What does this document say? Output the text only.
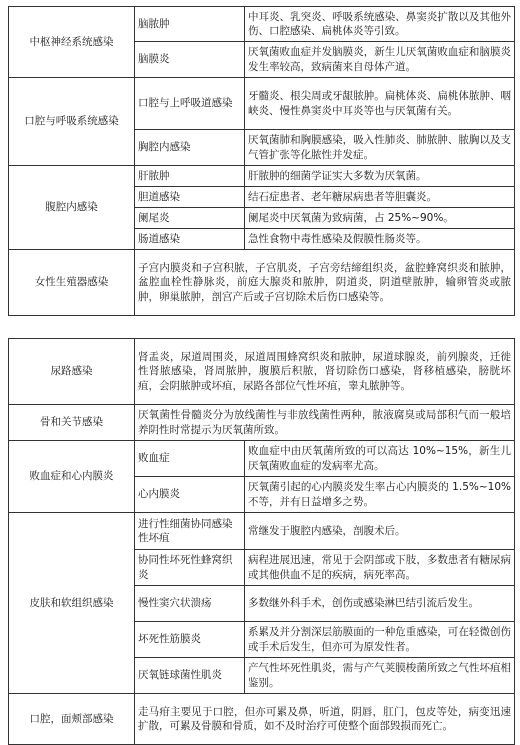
中枢神经系统感染	脑脓肿	中耳炎、乳突炎、呼吸系统感染、鼻窦炎扩散以及其他外伤、口腔感染、扁桃体炎等引致。
	脑膜炎	厌氧菌败血症并发脑膜炎，新生儿厌氧菌败血症和脑膜炎发生率较高，致病菌来自母体产道。
口腔与呼吸系统感染	口腔与上呼吸道感染	牙髓炎、根尖周或牙龈脓肿。扁桃体炎、扁桃体脓肿、咽峡炎、慢性鼻窦炎中耳炎等也与厌氧菌有关。
	胸腔内感染	厌氧菌肺和胸膜感染，吸入性肺炎、肺脓肿、脓胸以及支气管扩张等化脓性并发症。
腹腔内感染	肝脓肿	肝脓肿的细菌学证实大多数为厌氧菌。
	胆道感染	结石症患者、老年糖尿病患者等胆囊炎。
	阑尾炎	阑尾炎中厌氧菌为致病菌，占 25%~90%。
	肠道感染	急性食物中毒性感染及假膜性肠炎等。
女性生殖器感染	子宫内膜炎和子宫积脓，子宫肌炎，子宫旁结缔组织炎，盆腔蜂窝织炎和脓肿，盆腔血栓性静脉炎，前庭大腺炎和脓肿，阴道炎，阴道壁脓肿，输卵管炎或脓肿，卵巢脓肿，剖宫产后或子宫切除术后伤口感染等。	
尿路感染	肾盂炎，尿道周围炎，尿道周围蜂窝织炎和脓肿，尿道球腺炎，前列腺炎，迁徙性肾脓感染，肾周脓肿，腹膜后积脓，肾切除伤口感染，肾移植感染，膀胱坏疽，会阴脓肿或坏疽，尿路各部位气性坏疽，睾丸脓肿等。	
骨和关节感染	厌氧菌性骨髓炎分为放线菌性与非放线菌性两种，脓液腐臭或局部积气而一般培养阴性时常提示为厌氧菌所致。	
败血症和心内膜炎	败血症	败血症中由厌氧菌所致的可以高达 10%~15%，新生儿厌氧菌败血症的发病率尤高。
	心内膜炎	厌氧菌引起的心内膜炎发生率占心内膜炎的 1.5%~10%不等，并有日益增多之势。
皮肤和软组织感染	进行性细菌协同感染性坏疽	常继发于腹腔内感染，剖腹术后。
	协同性坏死性蜂窝织炎	病程进展迅速，常见于会阴部或下肢，多数患者有糖尿病或其他供血不足的疾病，病死率高。
	慢性窦穴状溃疡	多数继外科手术，创伤或感染淋巴结引流后发生。
	坏死性筋膜炎	系累及并分割深层筋膜面的一种危重感染，可在轻微创伤或手术后发生，但亦可为原发性者。
	厌氧链球菌性肌炎	产气性坏死性肌炎，需与产气荚膜梭菌所致之气性坏疽相鉴别。
口腔，面颊部感染	走马疳主要见于口腔，但亦可累及鼻，听道，阴唇，肛门，包皮等处，病变迅速扩散，可累及骨膜和骨质，如不及时治疗可使整个面部毁损而死亡。	
